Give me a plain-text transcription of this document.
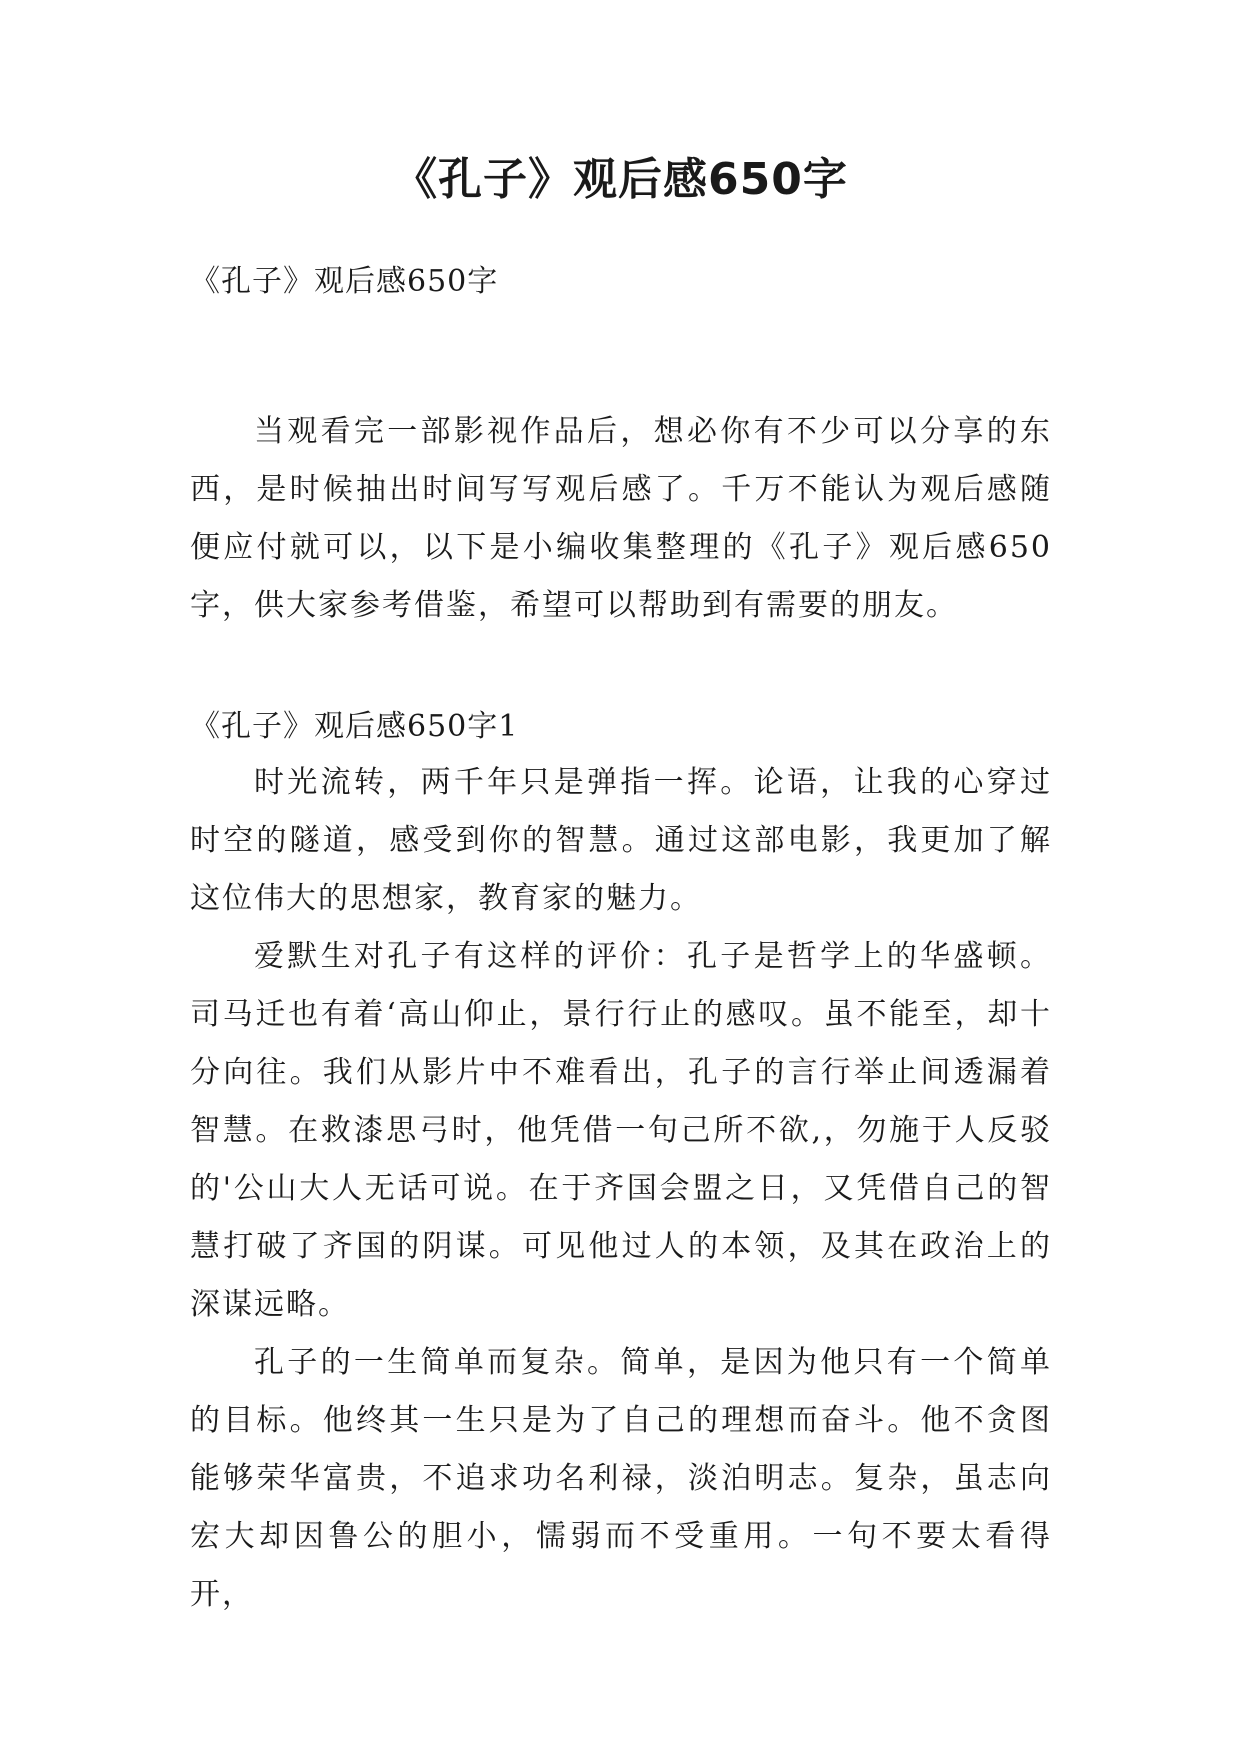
《孔子》观后感650字
《孔子》观后感650字

当观看完一部影视作品后，想必你有不少可以分享的东西，是时候抽出时间写写观后感了。千万不能认为观后感随便应付就可以，以下是小编收集整理的《孔子》观后感650字，供大家参考借鉴，希望可以帮助到有需要的朋友。

《孔子》观后感650字1

时光流转，两千年只是弹指一挥。论语，让我的心穿过时空的隧道，感受到你的智慧。通过这部电影，我更加了解这位伟大的思想家，教育家的魅力。

爱默生对孔子有这样的评价：孔子是哲学上的华盛顿。司马迁也有着‘高山仰止，景行行止的感叹。虽不能至，却十分向往。我们从影片中不难看出，孔子的言行举止间透漏着智慧。在救漆思弓时，他凭借一句己所不欲,，勿施于人反驳的'公山大人无话可说。在于齐国会盟之日，又凭借自己的智慧打破了齐国的阴谋。可见他过人的本领，及其在政治上的深谋远略。

孔子的一生简单而复杂。简单，是因为他只有一个简单的目标。他终其一生只是为了自己的理想而奋斗。他不贪图能够荣华富贵，不追求功名利禄，淡泊明志。复杂，虽志向宏大却因鲁公的胆小，懦弱而不受重用。一句不要太看得开，
